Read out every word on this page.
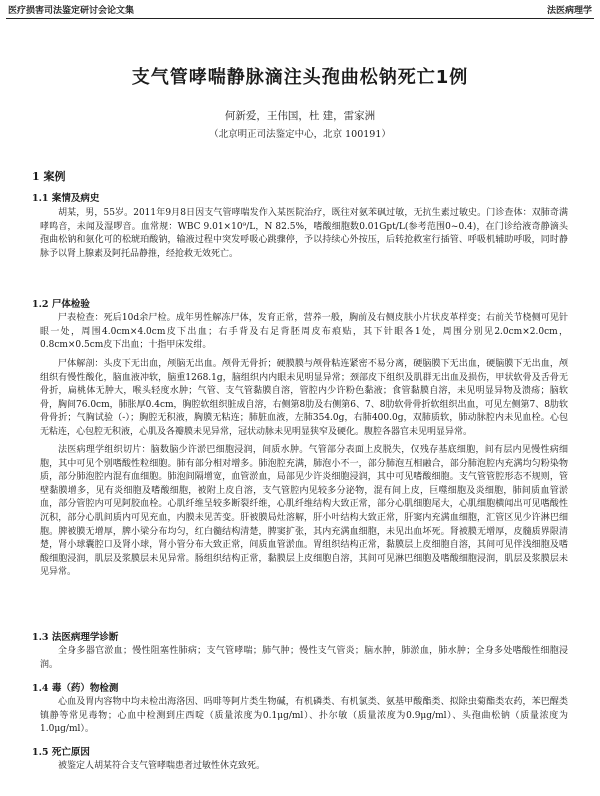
医疗损害司法鉴定研讨会论文集	法医病理学
支气管哮喘静脉滴注头孢曲松钠死亡1例
何新爱，王伟国，杜 建，雷家洲
（北京明正司法鉴定中心，北京 100191）
1 案例
1.1 案情及病史

胡某，男，55岁。2011年9月8日因支气管哮喘发作入某医院治疗，既往对氨苯砜过敏，无抗生素过敏史。门诊查体：双肺奇满哮鸣音，未闻及湿啰音。血常规：WBC 9.01×10⁹/L，N 82.5%，嗜酸细胞数0.01Gpt/L(参考范围0~0.4)，在门诊给液奇静滴头孢曲松钠和氨化可的松琥珀酸钠，输液过程中突发呼吸心跳骤停，予以持续心外按压，后转抢救室行插管、呼吸机辅助呼吸，同时静脉予以肾上腺素及阿托品静推，经抢救无效死亡。

1.2 尸体检验

尸表检查：死后10d余尸检。成年男性解冻尸体，发育正常，营养一般，胸前及右侧皮肤小片状皮革样变；右前关节桡侧可见针眼一处，周围4.0cm×4.0cm皮下出血；右手背及右足背胚周皮布痕贴，其下针眼各1处，周围分别见2.0cm×2.0cm，0.8cm×0.5cm皮下出血；十指甲床发绀。

尸体解剖：头皮下无出血，颅脑无出血。颅骨无骨折；硬膜膜与颅骨粘连紧密不易分离，硬脑膜下无出血，硬脑膜下无出血，颅组织有慢性酸化，脑血液冲软，脑重1268.1g，脑组织内内眼未见明显异常；颈部皮下组织及肌群无出血及损伤，甲状软骨及舌骨无骨折，扁桃体无肿大，喉头轻度水肿；气管、支气管黏膜自溶，管腔内少许粉色黏液；食管黏膜自溶，未见明显异物及溃疡；脑软骨，胸间76.0cm，肺胀厚0.4cm，胸腔软组织脏成自溶，右侧第8肋及右侧第6、7、8肋软骨骨折软组织出血，可见左侧第7、8肋软骨骨折；气胸试验（-）；胸腔无积液，胸膜无粘连；肺脏血液，左肺354.0g，右肺400.0g，双肺质软，肺动脉腔内未见血栓。心包无粘连，心包腔无积液，心肌及各瓣膜未见异常，冠状动脉未见明显狭窄及硬化。腹腔各器官未见明显异常。

法医病理学组织切片：脑数脑少许淤巴细胞浸润，间质水肿。气管部分表面上皮脱失，仅残存基底细胞，间有层内见慢性病细胞，其中可见个别嗜酸性粒细胞。肺有部分相对增多。肺泡腔充满，肺泡小不一，部分肺泡互相融合，部分肺泡腔内充满均匀粉染物质，部分肺泡腔内混有血细胞。肺泡间隔增宽，血管淤血，局部见少许炎细胞浸润，其中可见嗜酸细胞。支气管管腔形态不规则，管壁黏膜增多，见有炎细胞及嗜酸细胞，被附上皮自溶，支气管腔内见较多分泌物，混有间上皮，巨噬细胞及炎细胞，肺间质血管淤血，部分管腔内可见阿胶血栓。心肌纤维呈较多断裂纤维，心肌纤维结构大致正常，部分心肌细胞尾大，心肌细胞横闻出可见嗜酸性沉积，部分心肌间质内可见充血，内膜未见苦变。肝被膜局灶溶解，肝小叶结构大致正常，肝窦内充满血细胞，汇管区见少许淋巴细胞。脾被膜无增厚，脾小梁分布均匀，红白髓结构清楚，脾窦扩张，其内充满血细胞，未见出血坏死。肾被膜无增厚，皮髓质界限清楚，肾小球囊腔口及肾小球，肾小管分布大致正常，间质血管淤血。胃组织结构正常，黏膜层上皮细胞自溶，其间可见伴浅细胞及嗜酸细胞浸润，肌层及浆膜层未见异常。肠组织结构正常，黏膜层上皮细胞自溶，其间可见淋巴细胞及嗜酸细胞浸润，肌层及浆膜层未见异常。

1.3 法医病理学诊断

全身多器官淤血；慢性阻塞性肺病；支气管哮喘；肺气肿；慢性支气管炎；脑水肿，肺淤血，肺水肿；全身多处嗜酸性细胞浸润。

1.4 毒（药）物检测

心血及胃内容物中均未检出海洛因、吗啡等阿片类生物碱，有机磷类、有机氯类、氨基甲酸酯类、拟除虫菊酯类农药，苯巴醒类镇静等常见毒物；心血中检测到庄西啶（质量浓度为0.1μg/ml）、扑尔敏（质量浓度为0.9μg/ml）、头孢曲松钠（质量浓度为1.0μg/ml）。

1.5 死亡原因

被鉴定人胡某符合支气管哮喘患者过敏性休克致死。
